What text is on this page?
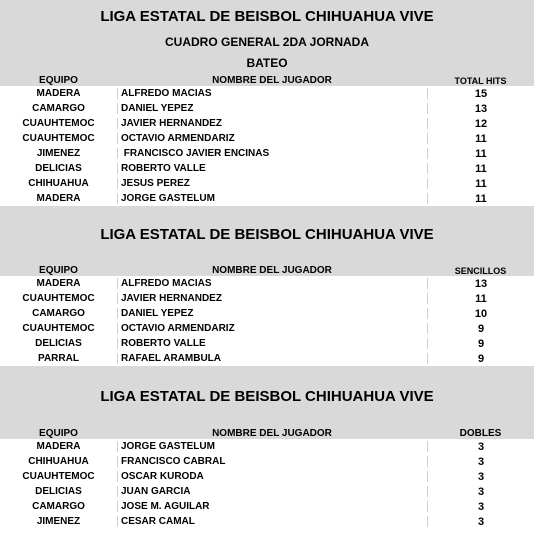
LIGA ESTATAL DE BEISBOL CHIHUAHUA VIVE
CUADRO GENERAL 2DA JORNADA
BATEO
EQUIPO	NOMBRE DEL JUGADOR	TOTAL HITS
MADERA	ALFREDO MACIAS	15
CAMARGO	DANIEL YEPEZ	13
CUAUHTEMOC	JAVIER HERNANDEZ	12
CUAUHTEMOC	OCTAVIO ARMENDARIZ	11
JIMENEZ	FRANCISCO JAVIER ENCINAS	11
DELICIAS	ROBERTO VALLE	11
CHIHUAHUA	JESUS PEREZ	11
MADERA	JORGE GASTELUM	11
LIGA ESTATAL DE BEISBOL CHIHUAHUA VIVE
EQUIPO	NOMBRE DEL JUGADOR	SENCILLOS
MADERA	ALFREDO MACIAS	13
CUAUHTEMOC	JAVIER HERNANDEZ	11
CAMARGO	DANIEL YEPEZ	10
CUAUHTEMOC	OCTAVIO ARMENDARIZ	9
DELICIAS	ROBERTO VALLE	9
PARRAL	RAFAEL ARAMBULA	9
LIGA ESTATAL DE BEISBOL CHIHUAHUA VIVE
EQUIPO	NOMBRE DEL JUGADOR	DOBLES
MADERA	JORGE GASTELUM	3
CHIHUAHUA	FRANCISCO CABRAL	3
CUAUHTEMOC	OSCAR KURODA	3
DELICIAS	JUAN GARCIA	3
CAMARGO	JOSE M. AGUILAR	3
JIMENEZ	CESAR CAMAL	3
